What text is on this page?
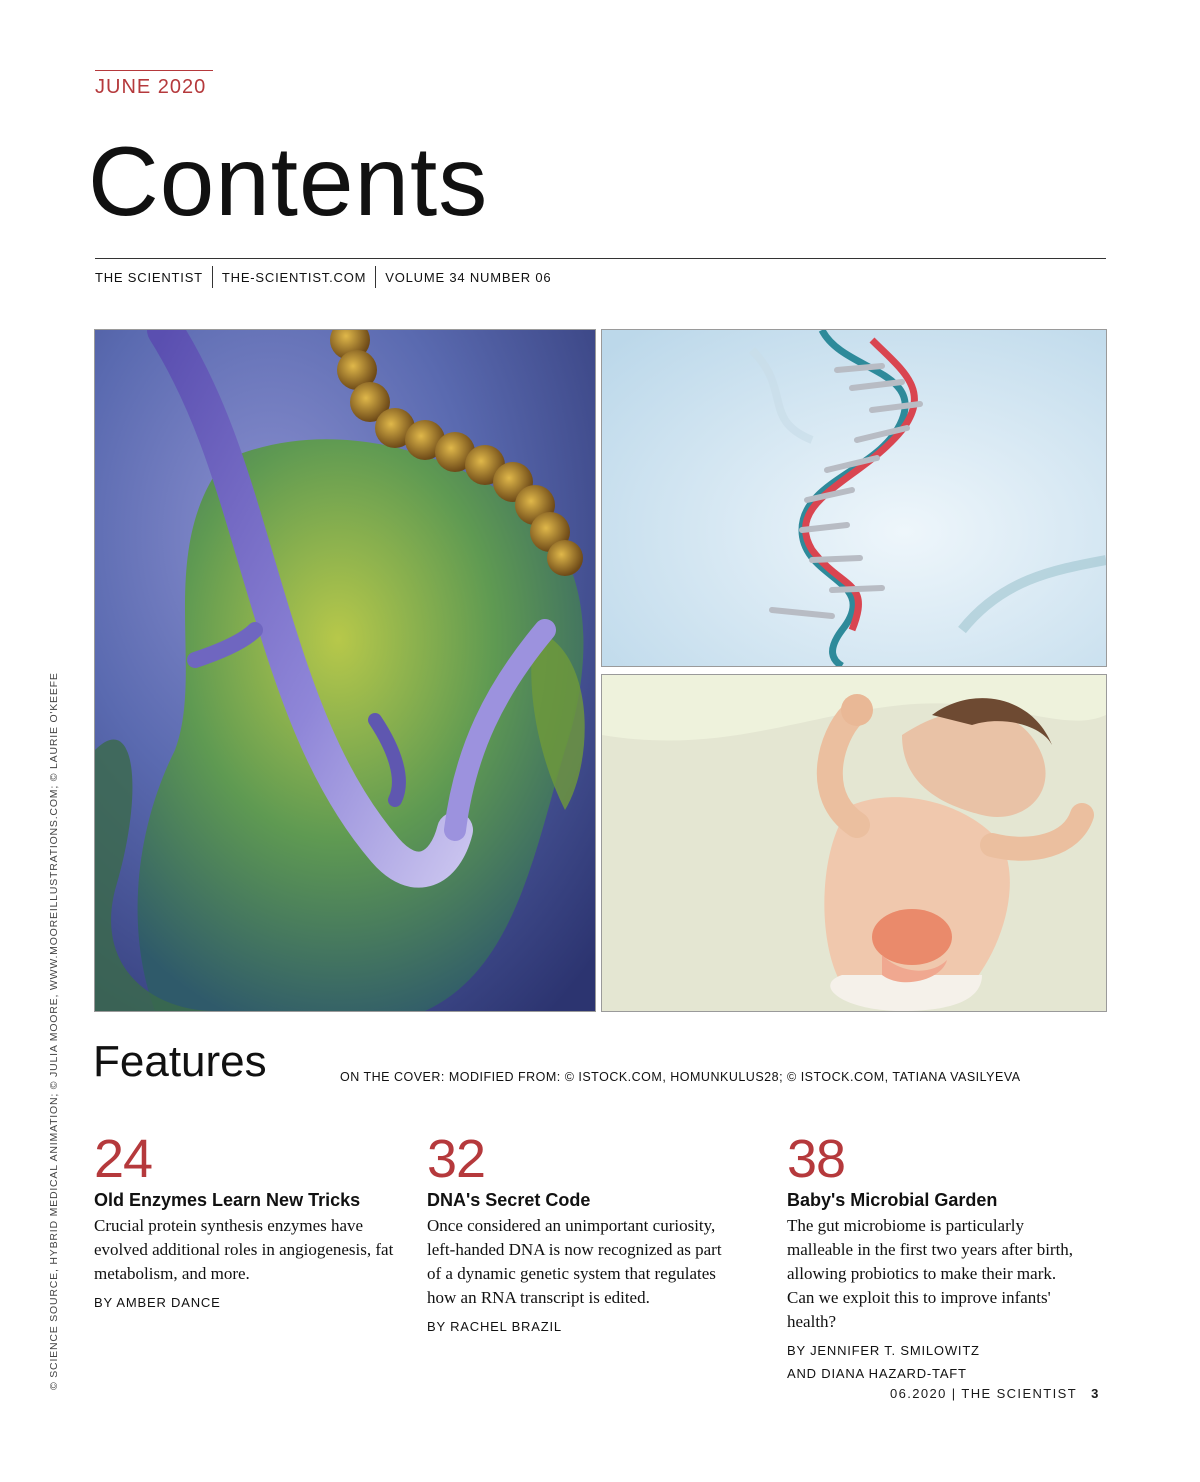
JUNE 2020
Contents
THE SCIENTIST THE-SCIENTIST.COM VOLUME 34 NUMBER 06
© SCIENCE SOURCE, HYBRID MEDICAL ANIMATION; © JULIA MOORE, WWW.MOOREILLUSTRATIONS.COM; © LAURIE O'KEEFE Features	ON THE COVER: MODIFIED FROM: © ISTOCK.COM, HOMUNKULUS28; © ISTOCK.COM, TATIANA VASILYEVA
24
Old Enzymes Learn New Tricks
Crucial protein synthesis enzymes have evolved additional roles in angiogenesis, fat metabolism, and more.
BY AMBER DANCE
32
DNA's Secret Code
Once considered an unimportant curiosity, left-handed DNA is now recognized as part of a dynamic genetic system that regulates how an RNA transcript is edited.
BY RACHEL BRAZIL
38
Baby's Microbial Garden
The gut microbiome is particularly malleable in the first two years after birth, allowing probiotics to make their mark. Can we exploit this to improve infants' health?
BY JENNIFER T. SMILOWITZ
AND DIANA HAZARD-TAFT
06.2020 | THE SCIENTIST 3
